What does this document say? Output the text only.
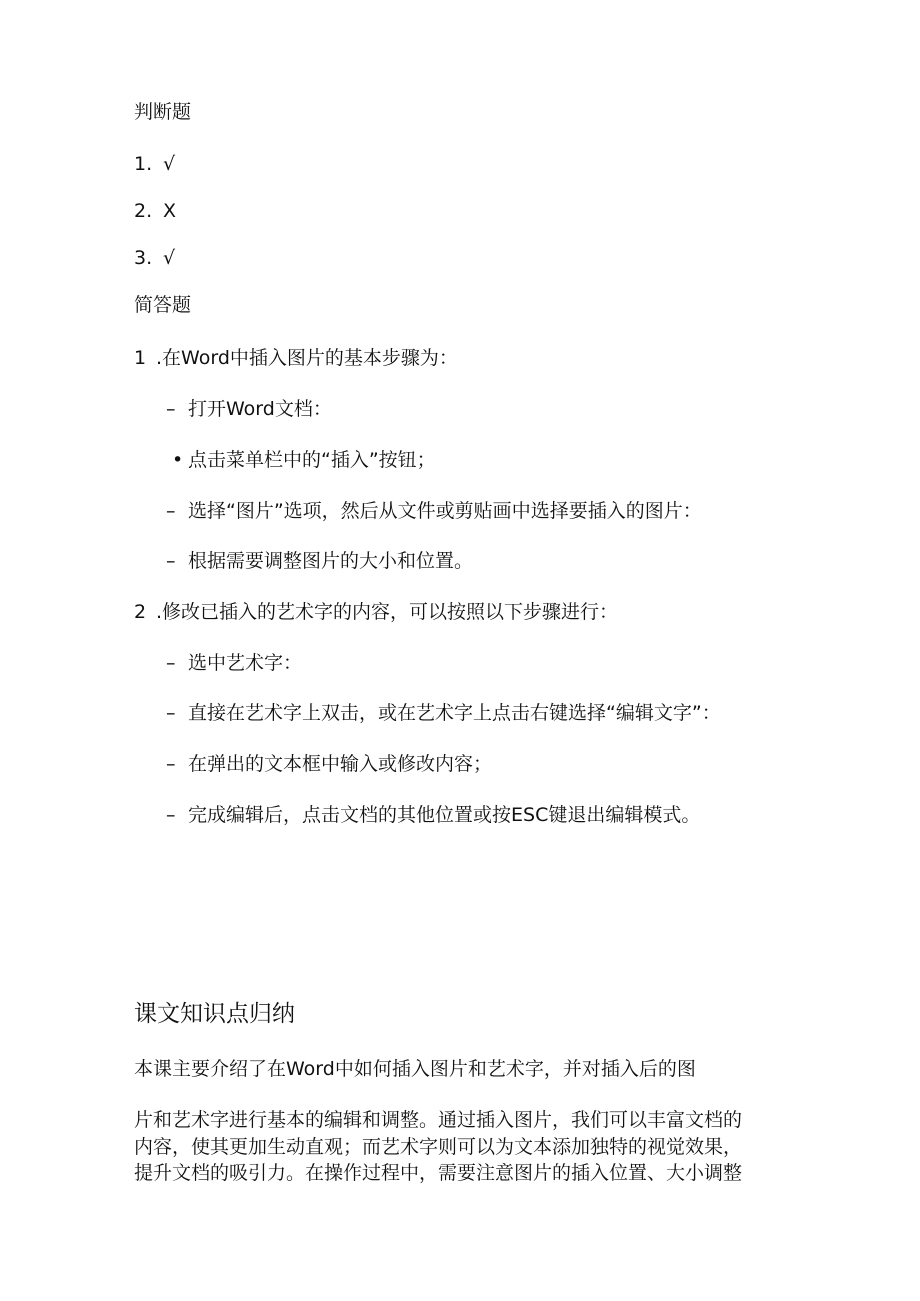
判断题
1. √
2. X
3. √
简答题
1 .在Word中插入图片的基本步骤为：
– 打开Word文档：
• 点击菜单栏中的“插入”按钮；
– 选择“图片”选项，然后从文件或剪贴画中选择要插入的图片：
– 根据需要调整图片的大小和位置。
2 .修改已插入的艺术字的内容，可以按照以下步骤进行：
– 选中艺术字：
– 直接在艺术字上双击，或在艺术字上点击右键选择“编辑文字”：
– 在弹出的文本框中输入或修改内容；
– 完成编辑后，点击文档的其他位置或按ESC键退出编辑模式。
课文知识点归纳
本课主要介绍了在Word中如何插入图片和艺术字，并对插入后的图
片和艺术字进行基本的编辑和调整。通过插入图片，我们可以丰富文档的
内容，使其更加生动直观；而艺术字则可以为文本添加独特的视觉效果，
提升文档的吸引力。在操作过程中，需要注意图片的插入位置、大小调整
